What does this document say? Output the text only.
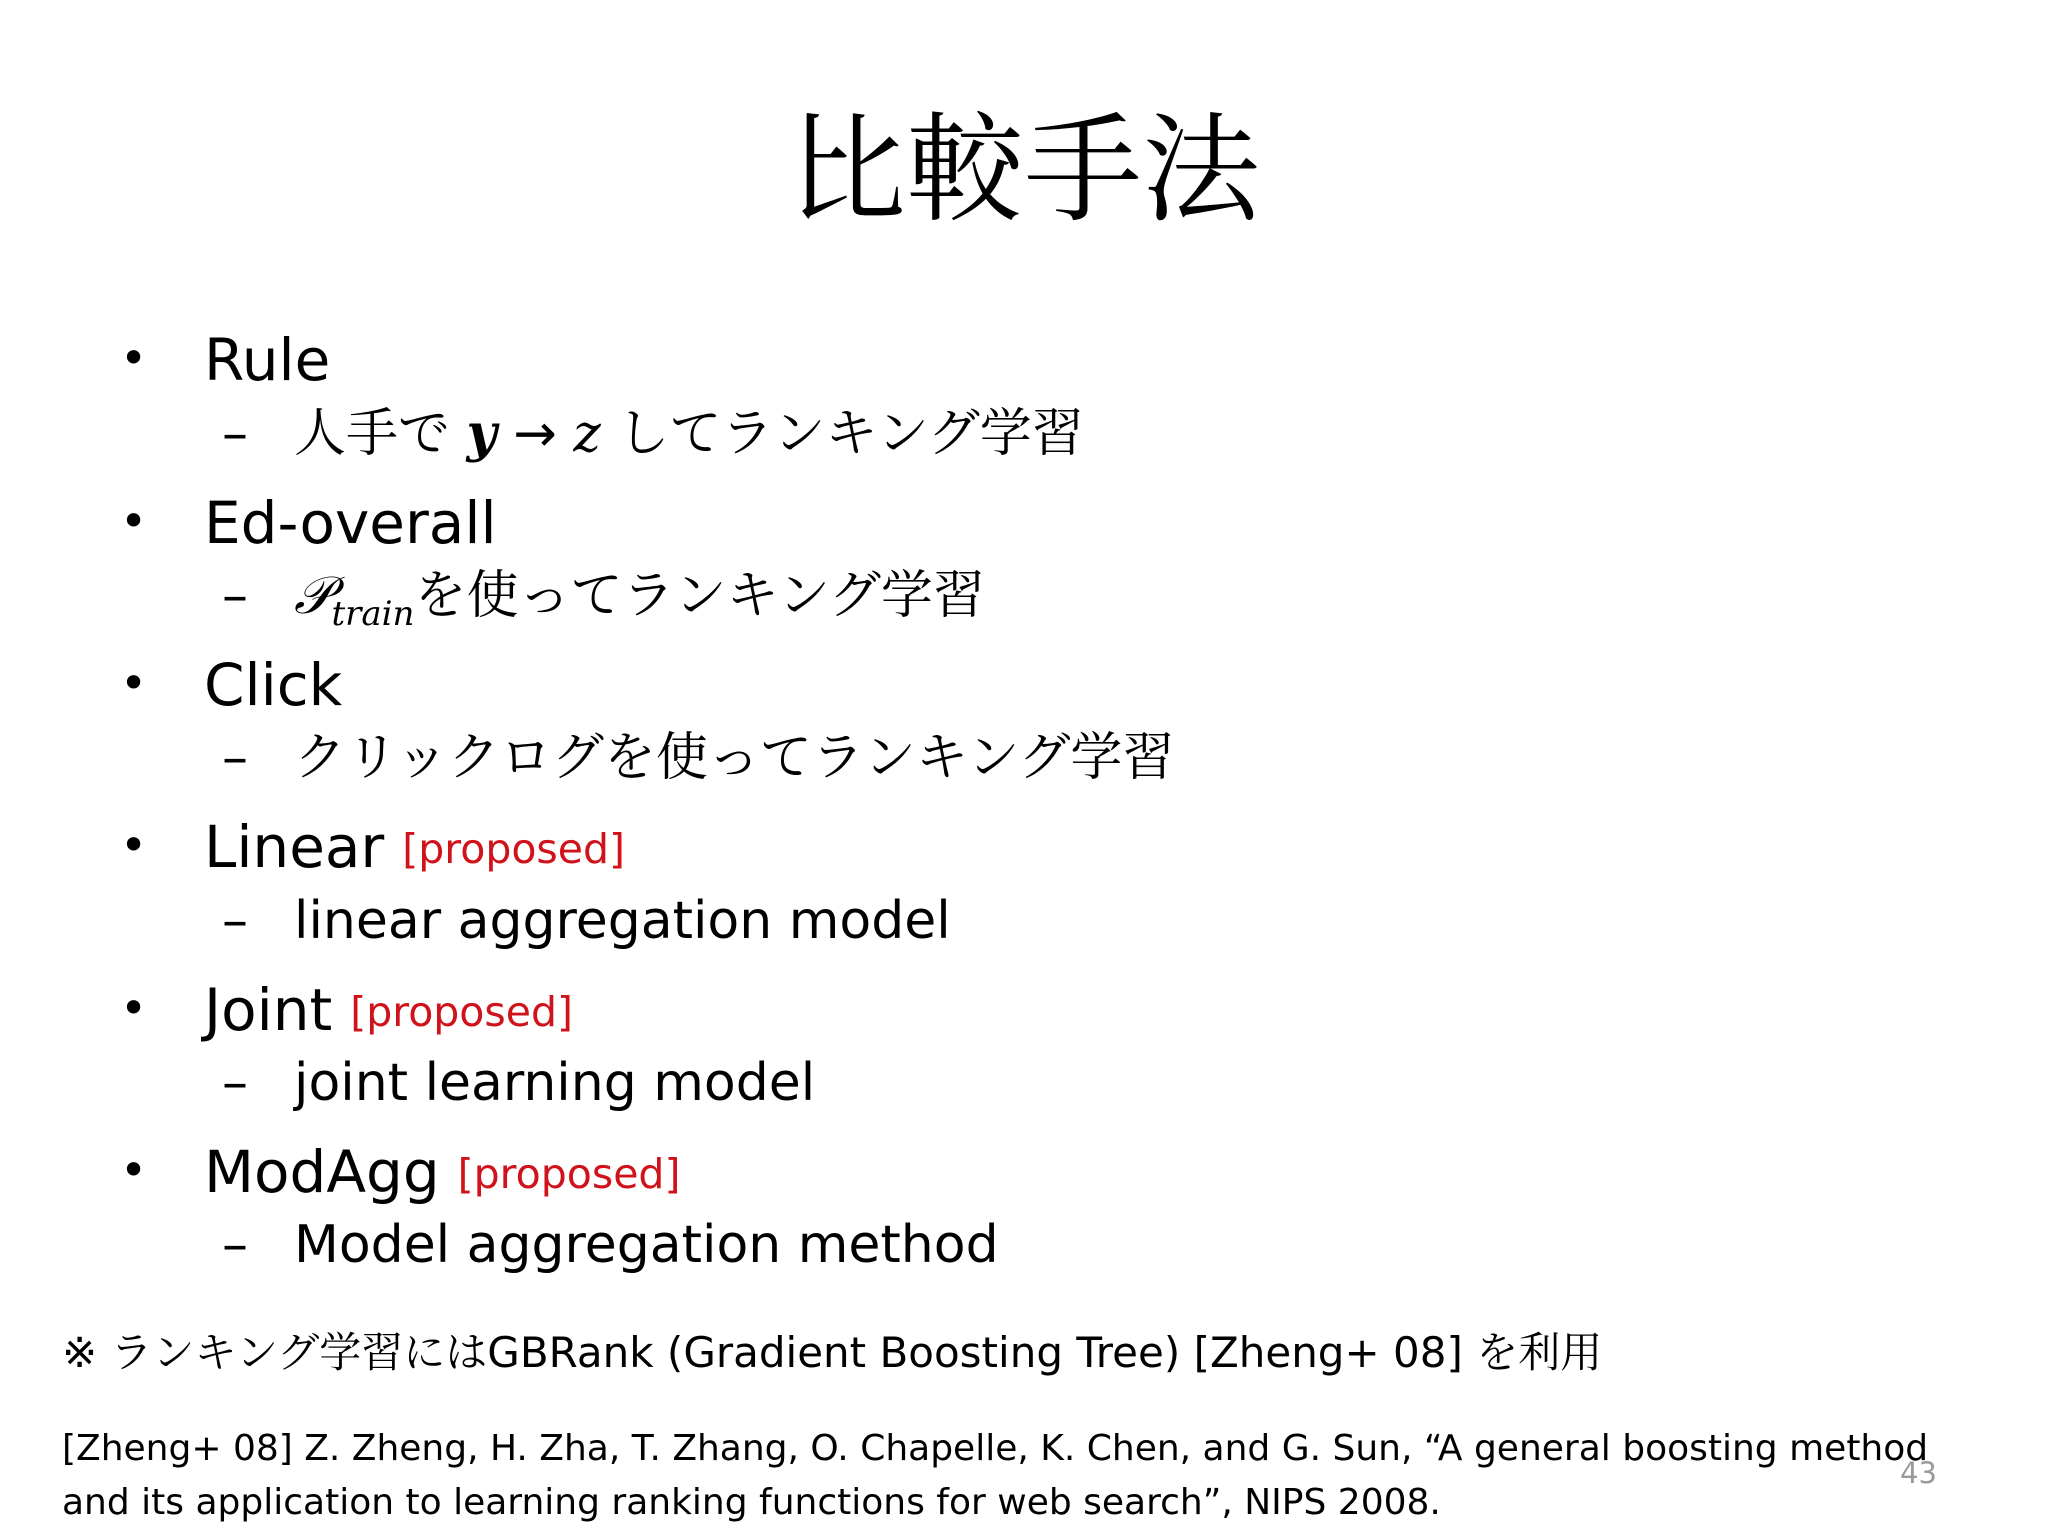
比較手法
• Rule
– 人手で y → z してランキング学習
• Ed-overall
– 𝒫$_{train}$を使ってランキング学習
• Click
– クリックログを使ってランキング学習
• Linear [proposed]
– linear aggregation model
• Joint [proposed]
– joint learning model
• ModAgg [proposed]
– Model aggregation method
※ ランキング学習にはGBRank (Gradient Boosting Tree) [Zheng+ 08] を利用
[Zheng+ 08] Z. Zheng, H. Zha, T. Zhang, O. Chapelle, K. Chen, and G. Sun, “A general boosting method and its application to learning ranking functions for web search”, NIPS 2008.
43
